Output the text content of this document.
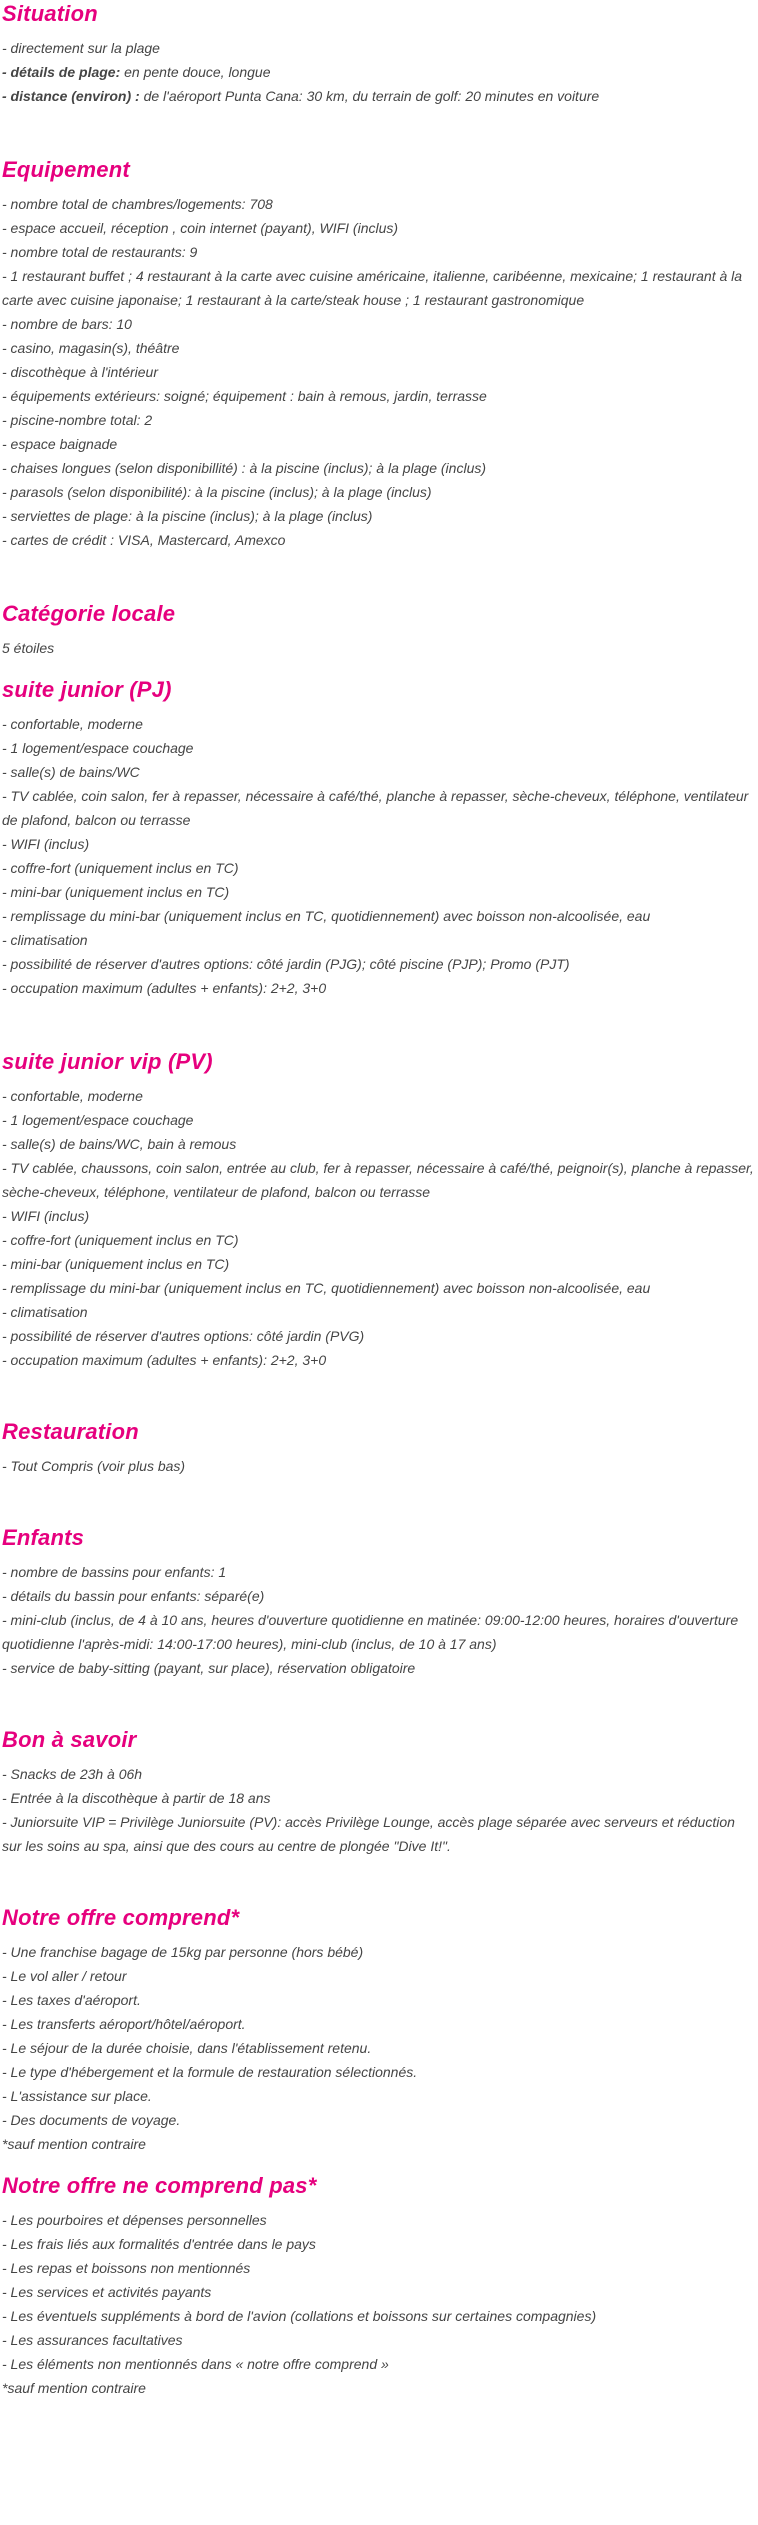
Situation
- directement sur la plage
- détails de plage: en pente douce, longue
- distance (environ) : de l'aéroport Punta Cana: 30 km, du terrain de golf: 20 minutes en voiture
Equipement
- nombre total de chambres/logements: 708
- espace accueil, réception , coin internet (payant), WIFI (inclus)
- nombre total de restaurants: 9
- 1 restaurant buffet ; 4 restaurant à la carte avec cuisine américaine, italienne, caribéenne, mexicaine; 1 restaurant à la carte avec cuisine japonaise; 1 restaurant à la carte/steak house ; 1 restaurant gastronomique
- nombre de bars: 10
- casino, magasin(s), théâtre
- discothèque à l'intérieur
- équipements extérieurs: soigné; équipement : bain à remous, jardin, terrasse
- piscine-nombre total: 2
- espace baignade
- chaises longues (selon disponibillité) : à la piscine (inclus); à la plage (inclus)
- parasols (selon disponibilité): à la piscine (inclus); à la plage (inclus)
- serviettes de plage: à la piscine (inclus); à la plage (inclus)
- cartes de crédit : VISA, Mastercard, Amexco
Catégorie locale
5 étoiles
suite junior (PJ)
- confortable, moderne
- 1 logement/espace couchage
- salle(s) de bains/WC
- TV cablée, coin salon, fer à repasser, nécessaire à café/thé, planche à repasser, sèche-cheveux, téléphone, ventilateur de plafond, balcon ou terrasse
- WIFI (inclus)
- coffre-fort (uniquement inclus en TC)
- mini-bar (uniquement inclus en TC)
- remplissage du mini-bar (uniquement inclus en TC, quotidiennement) avec boisson non-alcoolisée, eau
- climatisation
- possibilité de réserver d'autres options: côté jardin (PJG); côté piscine (PJP); Promo (PJT)
- occupation maximum (adultes + enfants): 2+2, 3+0
suite junior vip (PV)
- confortable, moderne
- 1 logement/espace couchage
- salle(s) de bains/WC, bain à remous
- TV cablée, chaussons, coin salon, entrée au club, fer à repasser, nécessaire à café/thé, peignoir(s), planche à repasser, sèche-cheveux, téléphone, ventilateur de plafond, balcon ou terrasse
- WIFI (inclus)
- coffre-fort (uniquement inclus en TC)
- mini-bar (uniquement inclus en TC)
- remplissage du mini-bar (uniquement inclus en TC, quotidiennement) avec boisson non-alcoolisée, eau
- climatisation
- possibilité de réserver d'autres options: côté jardin (PVG)
- occupation maximum (adultes + enfants): 2+2, 3+0
Restauration
- Tout Compris (voir plus bas)
Enfants
- nombre de bassins pour enfants: 1
- détails du bassin pour enfants: séparé(e)
- mini-club (inclus, de 4 à 10 ans, heures d'ouverture quotidienne en matinée: 09:00-12:00 heures, horaires d'ouverture quotidienne l'après-midi: 14:00-17:00 heures), mini-club (inclus, de 10 à 17 ans)
- service de baby-sitting (payant, sur place), réservation obligatoire
Bon à savoir
- Snacks de 23h à 06h
- Entrée à la discothèque à partir de 18 ans
- Juniorsuite VIP = Privilège Juniorsuite (PV): accès Privilège Lounge, accès plage séparée avec serveurs et réduction sur les soins au spa, ainsi que des cours au centre de plongée "Dive It!".
Notre offre comprend*
- Une franchise bagage de 15kg par personne (hors bébé)
- Le vol aller / retour
- Les taxes d'aéroport.
- Les transferts aéroport/hôtel/aéroport.
- Le séjour de la durée choisie, dans l'établissement retenu.
- Le type d'hébergement et la formule de restauration sélectionnés.
- L'assistance sur place.
- Des documents de voyage.
*sauf mention contraire
Notre offre ne comprend pas*
- Les pourboires et dépenses personnelles
- Les frais liés aux formalités d'entrée dans le pays
- Les repas et boissons non mentionnés
- Les services et activités payants
- Les éventuels suppléments à bord de l'avion (collations et boissons sur certaines compagnies)
- Les assurances facultatives
- Les éléments non mentionnés dans « notre offre comprend »
*sauf mention contraire
